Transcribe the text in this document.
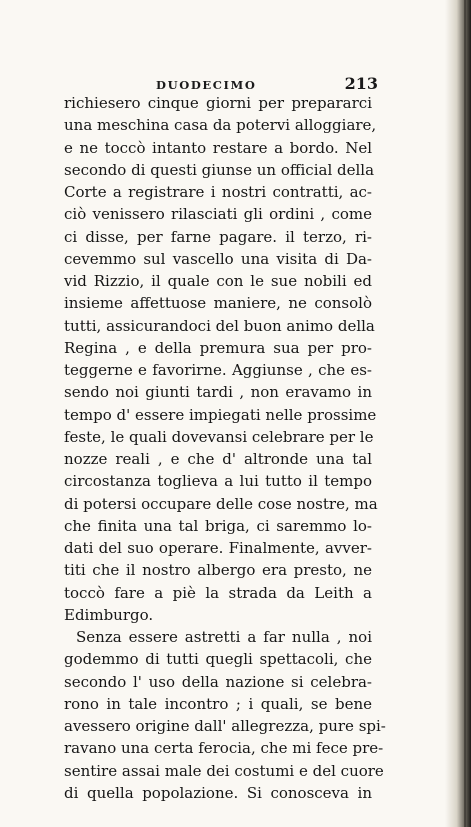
DUODECIMO	213
richiesero cinque giorni per prepararci
una meschina casa da potervi alloggiare,
e ne toccò intanto restare a bordo. Nel
secondo di questi giunse un official della
Corte a registrare i nostri contratti, ac-
ciò venissero rilasciati gli ordini , come
ci disse, per farne pagare. il terzo, ri-
cevemmo sul vascello una visita di Da-
vid Rizzio, il quale con le sue nobili ed
insieme affettuose maniere, ne consolò
tutti, assicurandoci del buon animo della
Regina , e della premura sua per pro-
teggerne e favorirne. Aggiunse , che es-
sendo noi giunti tardi , non eravamo in
tempo d' essere impiegati nelle prossime
feste, le quali dovevansi celebrare per le
nozze reali , e che d' altronde una tal
circostanza toglieva a lui tutto il tempo
di potersi occupare delle cose nostre, ma
che finita una tal briga, ci saremmo lo-
dati del suo operare. Finalmente, avver-
titi che il nostro albergo era presto, ne
toccò fare a piè la strada da Leith a
Edimburgo.
Senza essere astretti a far nulla , noi
godemmo di tutti quegli spettacoli, che
secondo l' uso della nazione si celebra-
rono in tale incontro ; i quali, se bene
avessero origine dall' allegrezza, pure spi-
ravano una certa ferocia, che mi fece pre-
sentire assai male dei costumi e del cuore
di quella popolazione. Si conosceva in
